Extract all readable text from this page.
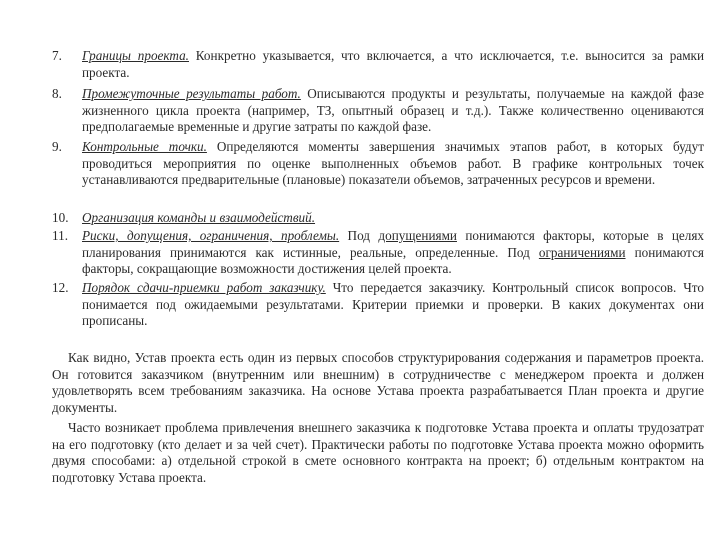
7.	Границы проекта. Конкретно указывается, что включается, а что исключается, т.е. выносится за рамки проекта.
8.	Промежуточные результаты работ. Описываются продукты и результаты, получаемые на каждой фазе жизненного цикла проекта (например, ТЗ, опытный образец и т.д.). Также количественно оцениваются предполагаемые временные и другие затраты по каждой фазе.
9.	Контрольные точки. Определяются моменты завершения значимых этапов работ, в которых будут проводиться мероприятия по оценке выполненных объемов работ. В графике контрольных точек устанавливаются предварительные (плановые) показатели объемов, затраченных ресурсов и времени.
10.	Организация команды и взаимодействий.
11.	Риски, допущения, ограничения, проблемы. Под допущениями понимаются факторы, которые в целях планирования принимаются как истинные, реальные, определенные. Под ограничениями понимаются факторы, сокращающие возможности достижения целей проекта.
12.	Порядок сдачи-приемки работ заказчику. Что передается заказчику. Контрольный список вопросов. Что понимается под ожидаемыми результатами. Критерии приемки и проверки. В каких документах они прописаны.
Как видно, Устав проекта есть один из первых способов структурирования содержания и параметров проекта. Он готовится заказчиком (внутренним или внешним) в сотрудничестве с менеджером проекта и должен удовлетворять всем требованиям заказчика. На основе Устава проекта разрабатывается План проекта и другие документы.
Часто возникает проблема привлечения внешнего заказчика к подготовке Устава проекта и оплаты трудозатрат на его подготовку (кто делает и за чей счет). Практически работы по подготовке Устава проекта можно оформить двумя способами: а) отдельной строкой в смете основного контракта на проект; б) отдельным контрактом на подготовку Устава проекта.
